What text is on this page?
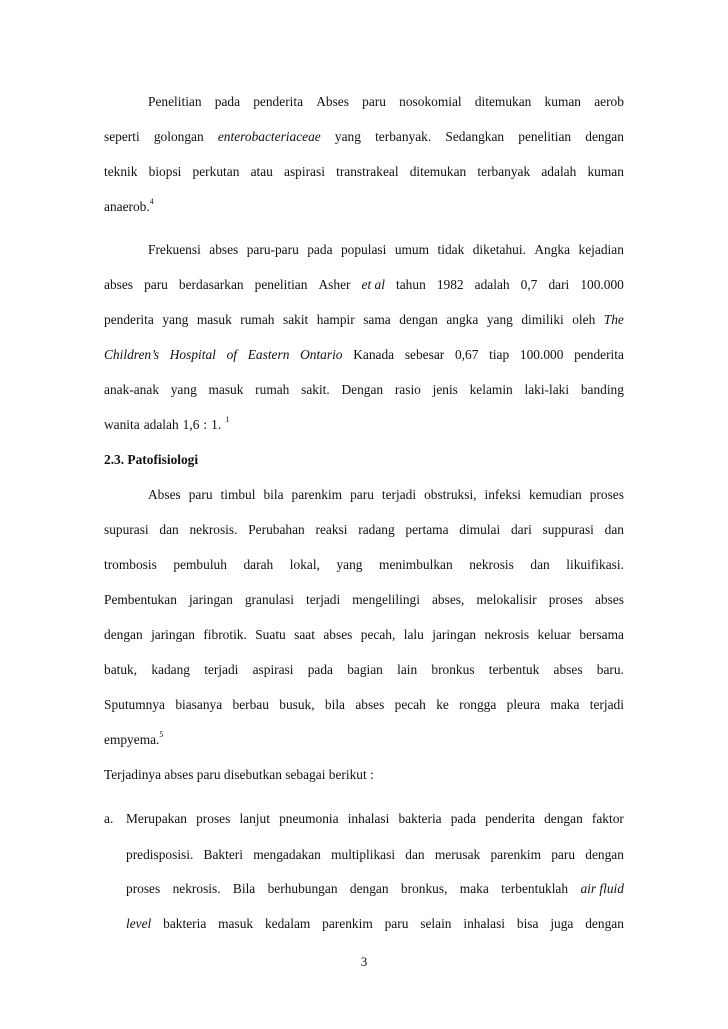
Penelitian pada penderita Abses paru nosokomial ditemukan kuman aerob
seperti golongan enterobacteriaceae yang terbanyak. Sedangkan penelitian dengan
teknik biopsi perkutan atau aspirasi transtrakeal ditemukan terbanyak adalah kuman
anaerob.$^4$
Frekuensi abses paru-paru pada populasi umum tidak diketahui. Angka kejadian
abses paru berdasarkan penelitian Asher et al tahun 1982 adalah 0,7 dari 100.000
penderita yang masuk rumah sakit hampir sama dengan angka yang dimiliki oleh The
Children’s Hospital of Eastern Ontario Kanada sebesar 0,67 tiap 100.000 penderita
anak-anak yang masuk rumah sakit. Dengan rasio jenis kelamin laki-laki banding
wanita adalah 1,6 : 1. $^1$
2.3. Patofisiologi
Abses paru timbul bila parenkim paru terjadi obstruksi, infeksi kemudian proses
supurasi dan nekrosis. Perubahan reaksi radang pertama dimulai dari suppurasi dan
trombosis pembuluh darah lokal, yang menimbulkan nekrosis dan likuifikasi.
Pembentukan jaringan granulasi terjadi mengelilingi abses, melokalisir proses abses
dengan jaringan fibrotik. Suatu saat abses pecah, lalu jaringan nekrosis keluar bersama
batuk, kadang terjadi aspirasi pada bagian lain bronkus terbentuk abses baru.
Sputumnya biasanya berbau busuk, bila abses pecah ke rongga pleura maka terjadi
empyema.$^5$
Terjadinya abses paru disebutkan sebagai berikut :
a. Merupakan proses lanjut pneumonia inhalasi bakteria pada penderita dengan faktor
predisposisi. Bakteri mengadakan multiplikasi dan merusak parenkim paru dengan
proses nekrosis. Bila berhubungan dengan bronkus, maka terbentuklah air fluid
level bakteria masuk kedalam parenkim paru selain inhalasi bisa juga dengan
3
